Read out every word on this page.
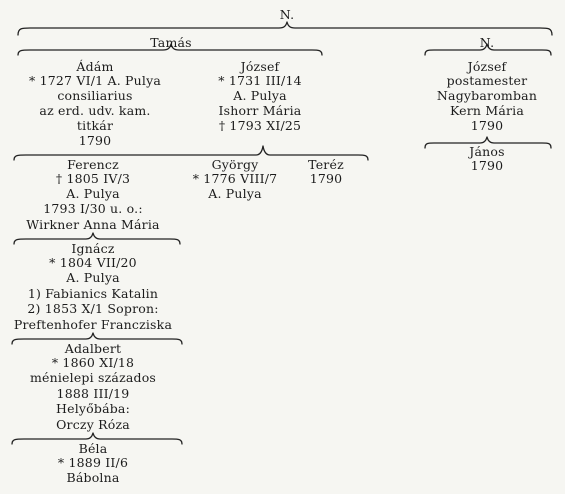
N.
Tamás
Ádám
* 1727 VI/1 A. Pulya
consiliarius
az erd. udv. kam.
titkár
1790
József
* 1731 III/14
A. Pulya
Ishorr Mária
† 1793 XI/25
N.
József
postamester
Nagybaromban
Kern Mária
1790
János
1790
Ferencz
† 1805 IV/3
A. Pulya
1793 I/30 u. o.:
Wirkner Anna Mária
György
* 1776 VIII/7
A. Pulya
Teréz
1790
Ignácz
* 1804 VII/20
A. Pulya
1) Fabianics Katalin
2) 1853 X/1 Sopron:
Preftenhofer Francziska
Adalbert
* 1860 XI/18
ménielepi százados
1888 III/19
Helyőbába:
Orczy Róza
Béla
* 1889 II/6
Bábolna
